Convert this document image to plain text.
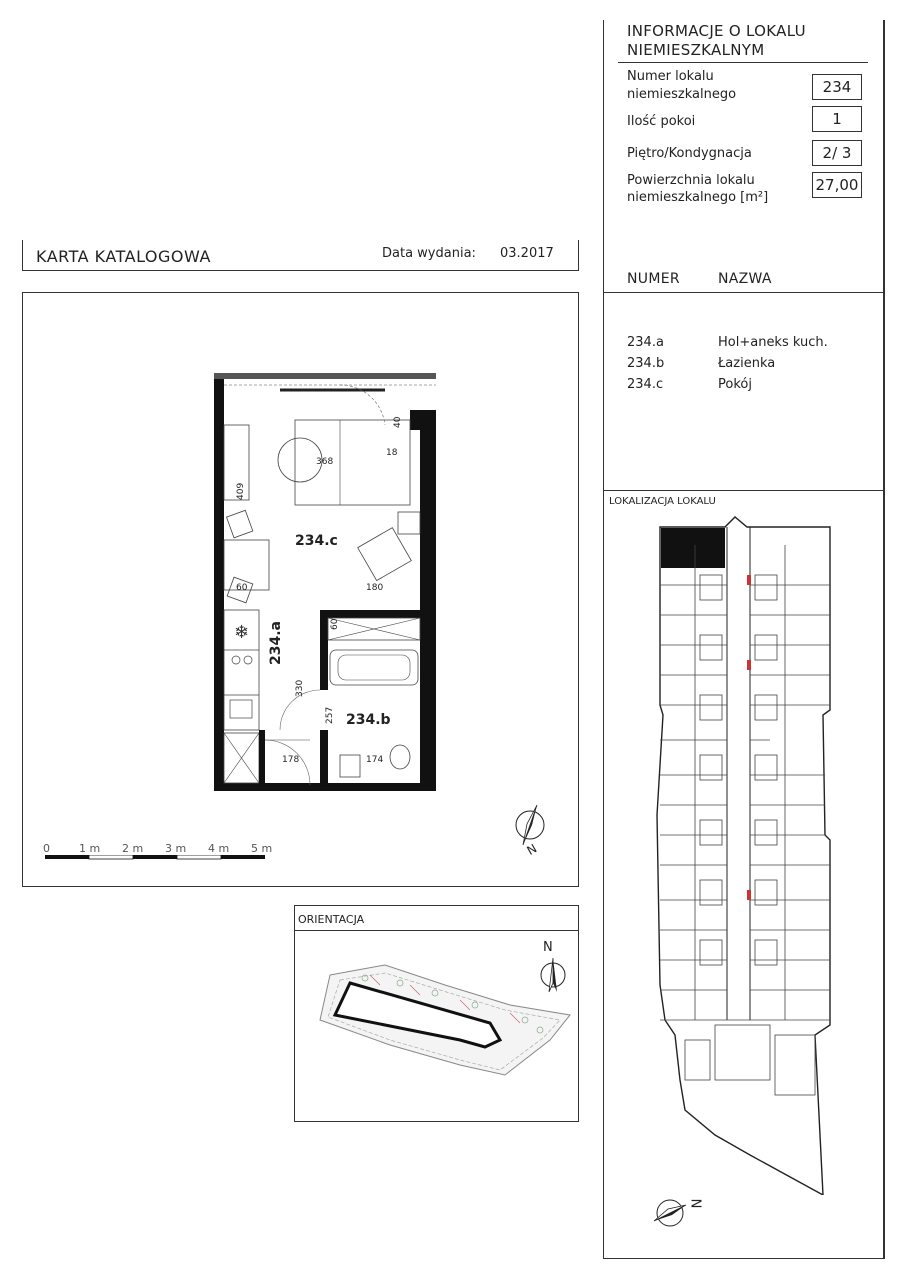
INFORMACJE O LOKALU
NIEMIESZKALNYM
Numer lokalu
niemieszkalnego	234
Ilość pokoi	1
Piętro/Kondygnacja	2/ 3
Powierzchnia lokalu
niemieszkalnego [m²]
27,00
NUMER	NAZWA
234.a	Hol+aneks kuch.
234.b	Łazienka
234.c	Pokój
LOKALIZACJA LOKALU
N
KARTA KATALOGOWA	Data wydania: 03.2017
❄
234.c
234.a
234.b
368
409
18
40
60	180
60
330
257
178	174
N
0	1 m 2 m 3 m 4 m 5 m
ORIENTACJA
N
